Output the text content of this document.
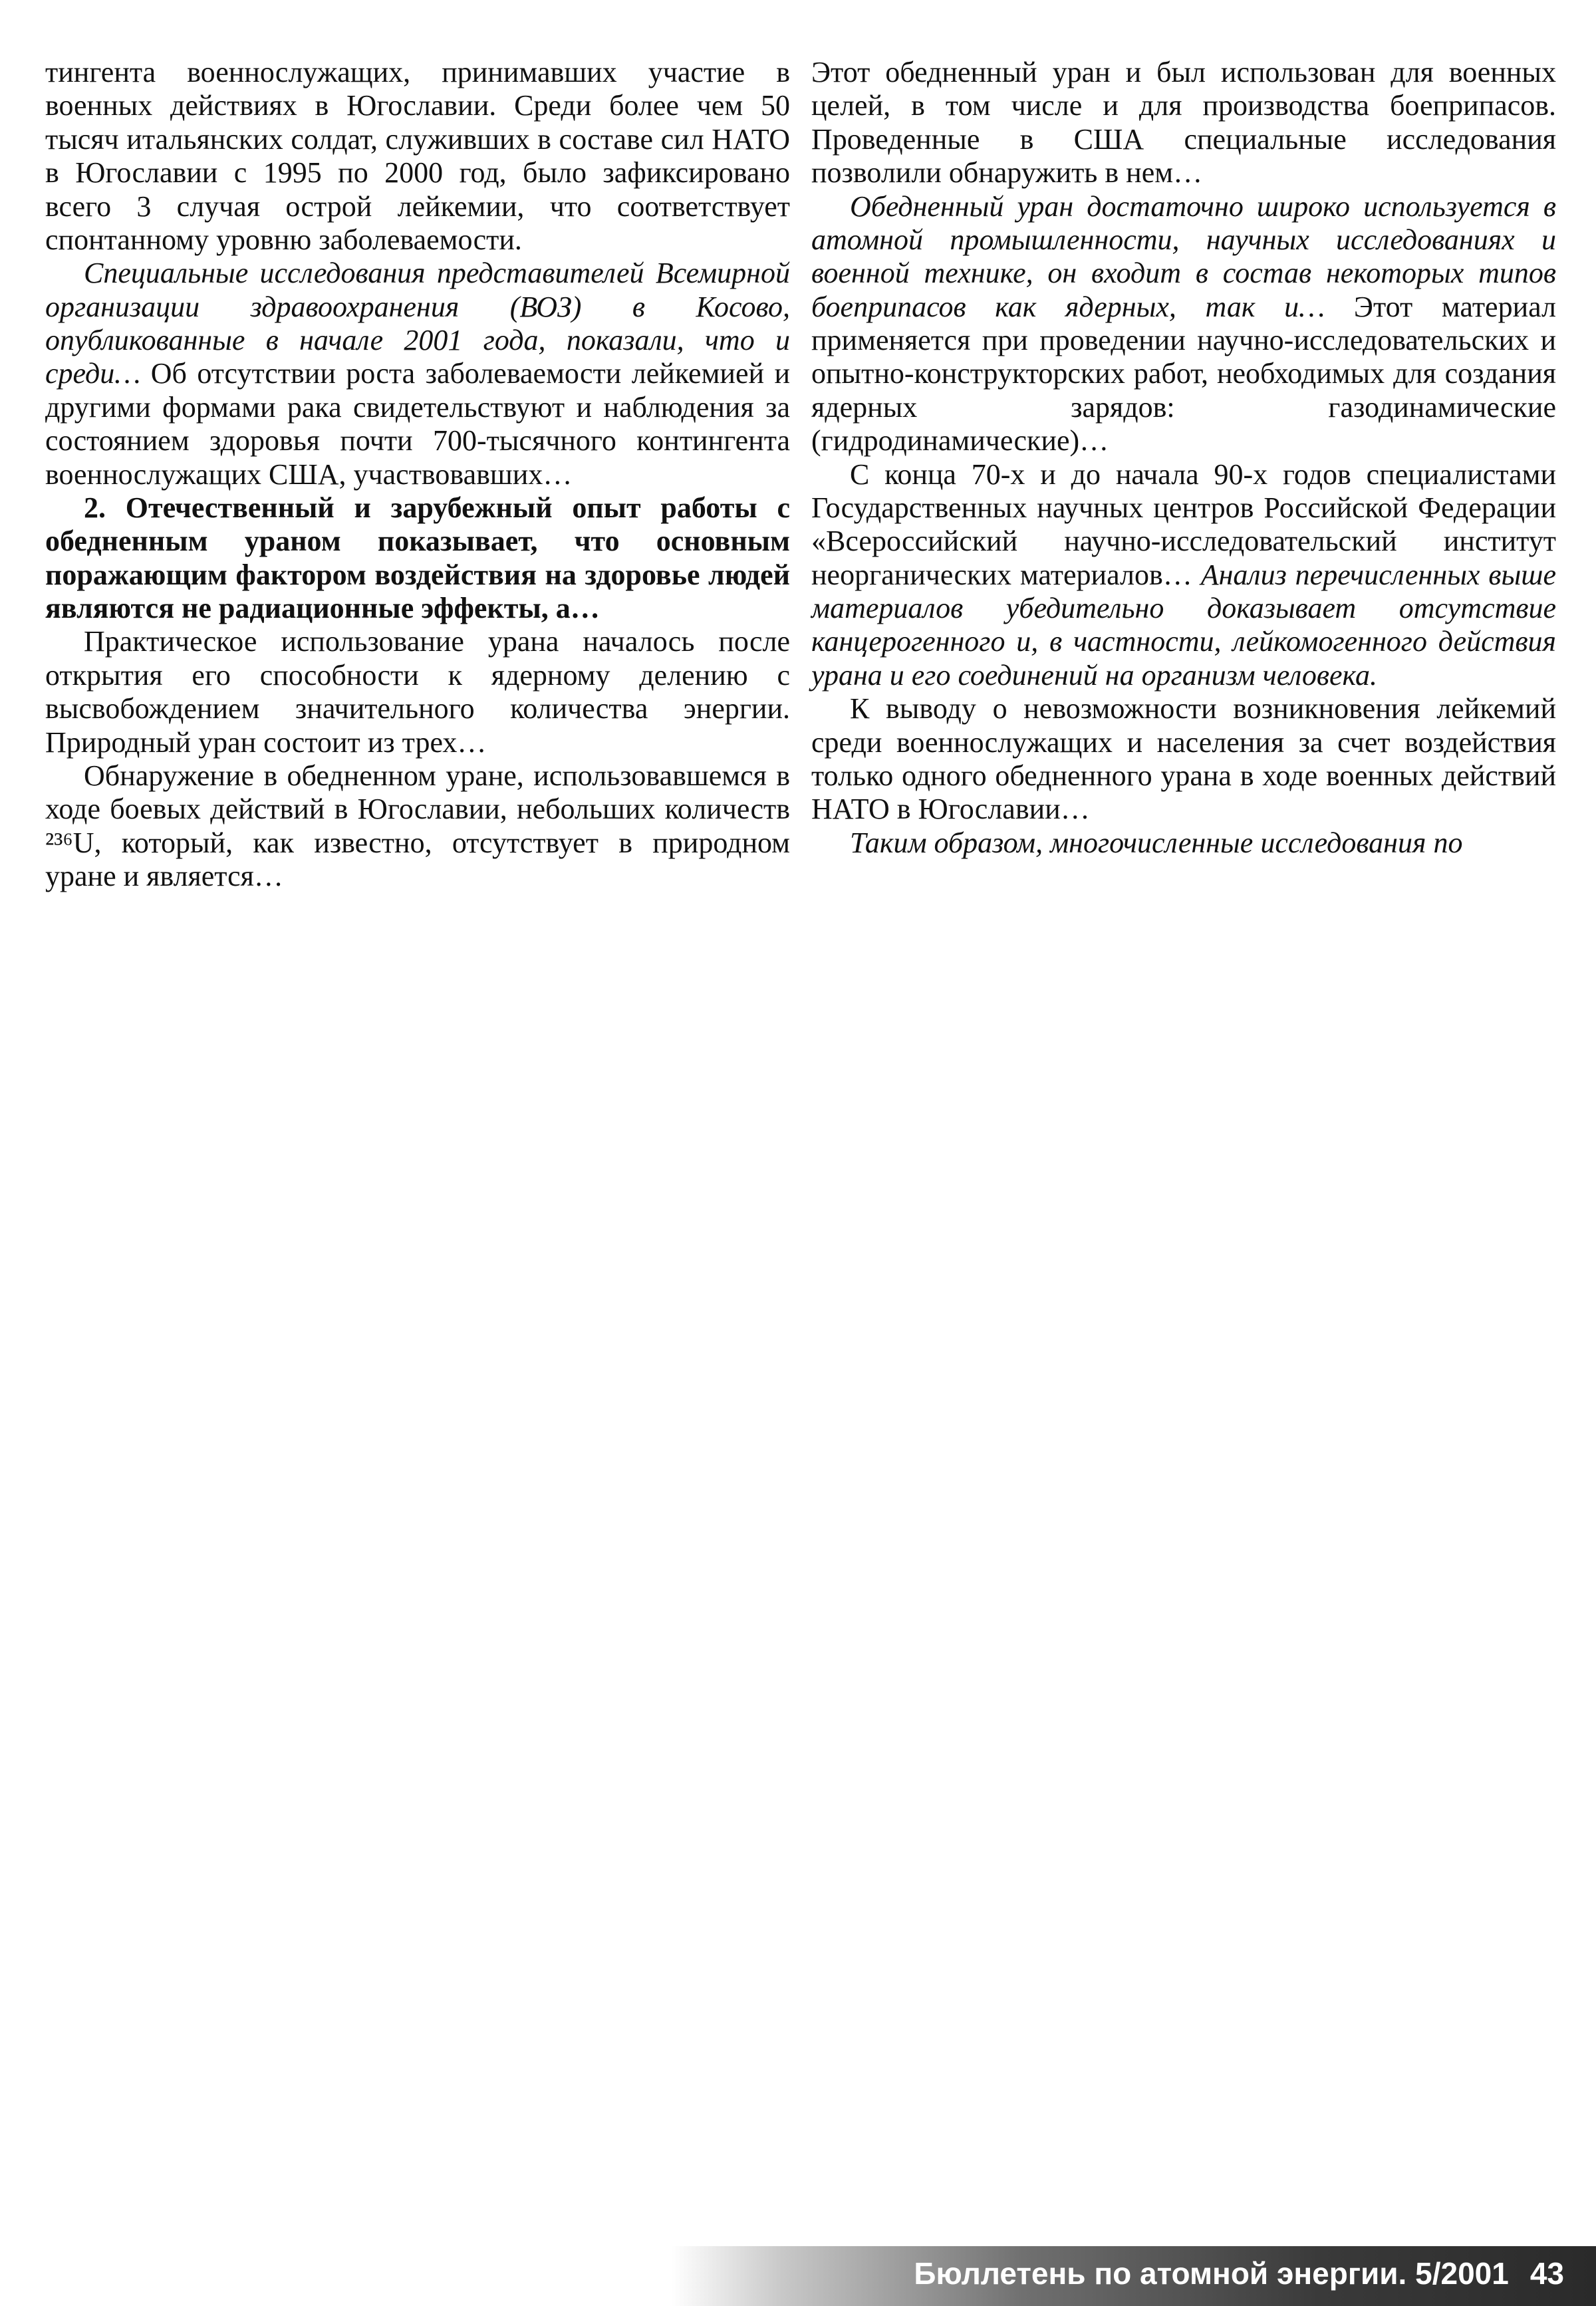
тингента военнослужащих, принимавших участие в военных действиях в Югославии. Среди более чем 50 тысяч итальянских солдат, служивших в составе сил НАТО в Югославии с 1995 по 2000 год, было зафиксировано всего 3 случая острой лейкемии, что соответствует спонтанному уровню заболеваемости.

Специальные исследования представителей Всемирной организации здравоохранения (ВОЗ) в Косово, опубликованные в начале 2001 года, показали, что и среди… Об отсутствии роста заболеваемости лейкемией и другими формами рака свидетельствуют и наблюдения за состоянием здоровья почти 700-тысячного контингента военнослужащих США, участвовавших…

2. Отечественный и зарубежный опыт работы с обедненным ураном показывает, что основным поражающим фактором воздействия на здоровье людей являются не радиационные эффекты, а…

Практическое использование урана началось после открытия его способности к ядерному делению с высвобождением значительного количества энергии. Природный уран состоит из трех…

Обнаружение в обедненном уране, использовавшемся в ходе боевых действий в Югославии, небольших количеств ²³⁶U, который, как известно, отсутствует в природном уране и является…

Этот обедненный уран и был использован для военных целей, в том числе и для производства боеприпасов. Проведенные в США специальные исследования позволили обнаружить в нем…

Обедненный уран достаточно широко используется в атомной промышленности, научных исследованиях и военной технике, он входит в состав некоторых типов боеприпасов как ядерных, так и… Этот материал применяется при проведении научно-исследовательских и опытно-конструкторских работ, необходимых для создания ядерных зарядов: газодинамические (гидродинамические)…

С конца 70-х и до начала 90-х годов специалистами Государственных научных центров Российской Федерации «Всероссийский научно-исследовательский институт неорганических материалов… Анализ перечисленных выше материалов убедительно доказывает отсутствие канцерогенного и, в частности, лейкомогенного действия урана и его соединений на организм человека.

К выводу о невозможности возникновения лейкемий среди военнослужащих и населения за счет воздействия только одного обедненного урана в ходе военных действий НАТО в Югославии…

Таким образом, многочисленные исследования по

Бюллетень по атомной энергии. 5/2001 43
